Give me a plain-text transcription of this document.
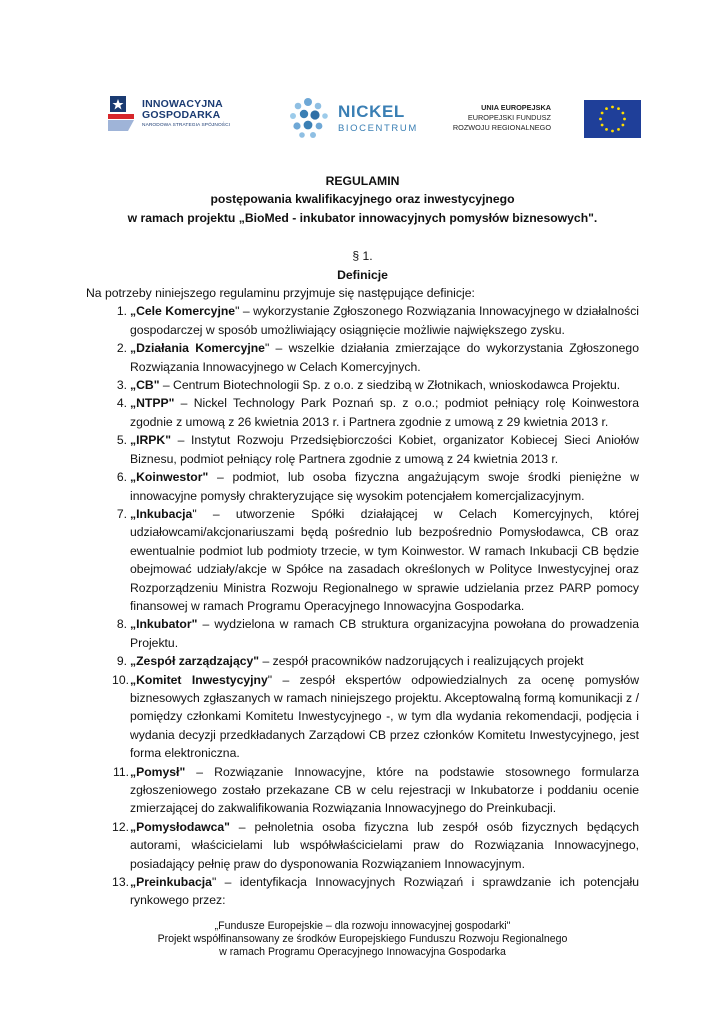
INNOWACYJNA
GOSPODARKA
NARODOWA STRATEGIA SPÓJNOŚCI
NICKEL
BIOCENTRUM
UNIA EUROPEJSKA
EUROPEJSKI FUNDUSZ
ROZWOJU REGIONALNEGO
REGULAMIN
postępowania kwalifikacyjnego oraz inwestycyjnego
w ramach projektu „BioMed - inkubator innowacyjnych pomysłów biznesowych".
§ 1.
Definicje

Na potrzeby niniejszego regulaminu przyjmuje się następujące definicje:

1. „Cele Komercyjne" – wykorzystanie Zgłoszonego Rozwiązania Innowacyjnego w działalności gospodarczej w sposób umożliwiający osiągnięcie możliwie największego zysku.
2. „Działania Komercyjne" – wszelkie działania zmierzające do wykorzystania Zgłoszonego Rozwiązania Innowacyjnego w Celach Komercyjnych.
3. „CB" – Centrum Biotechnologii Sp. z o.o. z siedzibą w Złotnikach, wnioskodawca Projektu.
4. „NTPP" – Nickel Technology Park Poznań sp. z o.o.; podmiot pełniący rolę Koinwestora zgodnie z umową z 26 kwietnia 2013 r. i Partnera zgodnie z umową z 29 kwietnia 2013 r.
5. „IRPK" – Instytut Rozwoju Przedsiębiorczości Kobiet, organizator Kobiecej Sieci Aniołów Biznesu, podmiot pełniący rolę Partnera zgodnie z umową z 24 kwietnia 2013 r.
6. „Koinwestor" – podmiot, lub osoba fizyczna angażującym swoje środki pieniężne w innowacyjne pomysły chrakteryzujące się wysokim potencjałem komercjalizacyjnym.
7. „Inkubacja" – utworzenie Spółki działającej w Celach Komercyjnych, której udziałowcami/akcjonariuszami będą pośrednio lub bezpośrednio Pomysłodawca, CB oraz ewentualnie podmiot lub podmioty trzecie, w tym Koinwestor. W ramach Inkubacji CB będzie obejmować udziały/akcje w Spółce na zasadach określonych w Polityce Inwestycyjnej oraz Rozporządzeniu Ministra Rozwoju Regionalnego w sprawie udzielania przez PARP pomocy finansowej w ramach Programu Operacyjnego Innowacyjna Gospodarka.
8. „Inkubator" – wydzielona w ramach CB struktura organizacyjna powołana do prowadzenia Projektu.
9. „Zespół zarządzający" – zespół pracowników nadzorujących i realizujących projekt
10. „Komitet Inwestycyjny" – zespół ekspertów odpowiedzialnych za ocenę pomysłów biznesowych zgłaszanych w ramach niniejszego projektu. Akceptowalną formą komunikacji z / pomiędzy członkami Komitetu Inwestycyjnego -, w tym dla wydania rekomendacji, podjęcia i wydania decyzji przedkładanych Zarządowi CB przez członków Komitetu Inwestycyjnego, jest forma elektroniczna.
11. „Pomysł" – Rozwiązanie Innowacyjne, które na podstawie stosownego formularza zgłoszeniowego zostało przekazane CB w celu rejestracji w Inkubatorze i poddaniu ocenie zmierzającej do zakwalifikowania Rozwiązania Innowacyjnego do Preinkubacji.
12. „Pomysłodawca" – pełnoletnia osoba fizyczna lub zespół osób fizycznych będących autorami, właścicielami lub współwłaścicielami praw do Rozwiązania Innowacyjnego, posiadający pełnię praw do dysponowania Rozwiązaniem Innowacyjnym.
13. „Preinkubacja" – identyfikacja Innowacyjnych Rozwiązań i sprawdzanie ich potencjału rynkowego przez:
„Fundusze Europejskie – dla rozwoju innowacyjnej gospodarki"
Projekt współfinansowany ze środków Europejskiego Funduszu Rozwoju Regionalnego
w ramach Programu Operacyjnego Innowacyjna Gospodarka
